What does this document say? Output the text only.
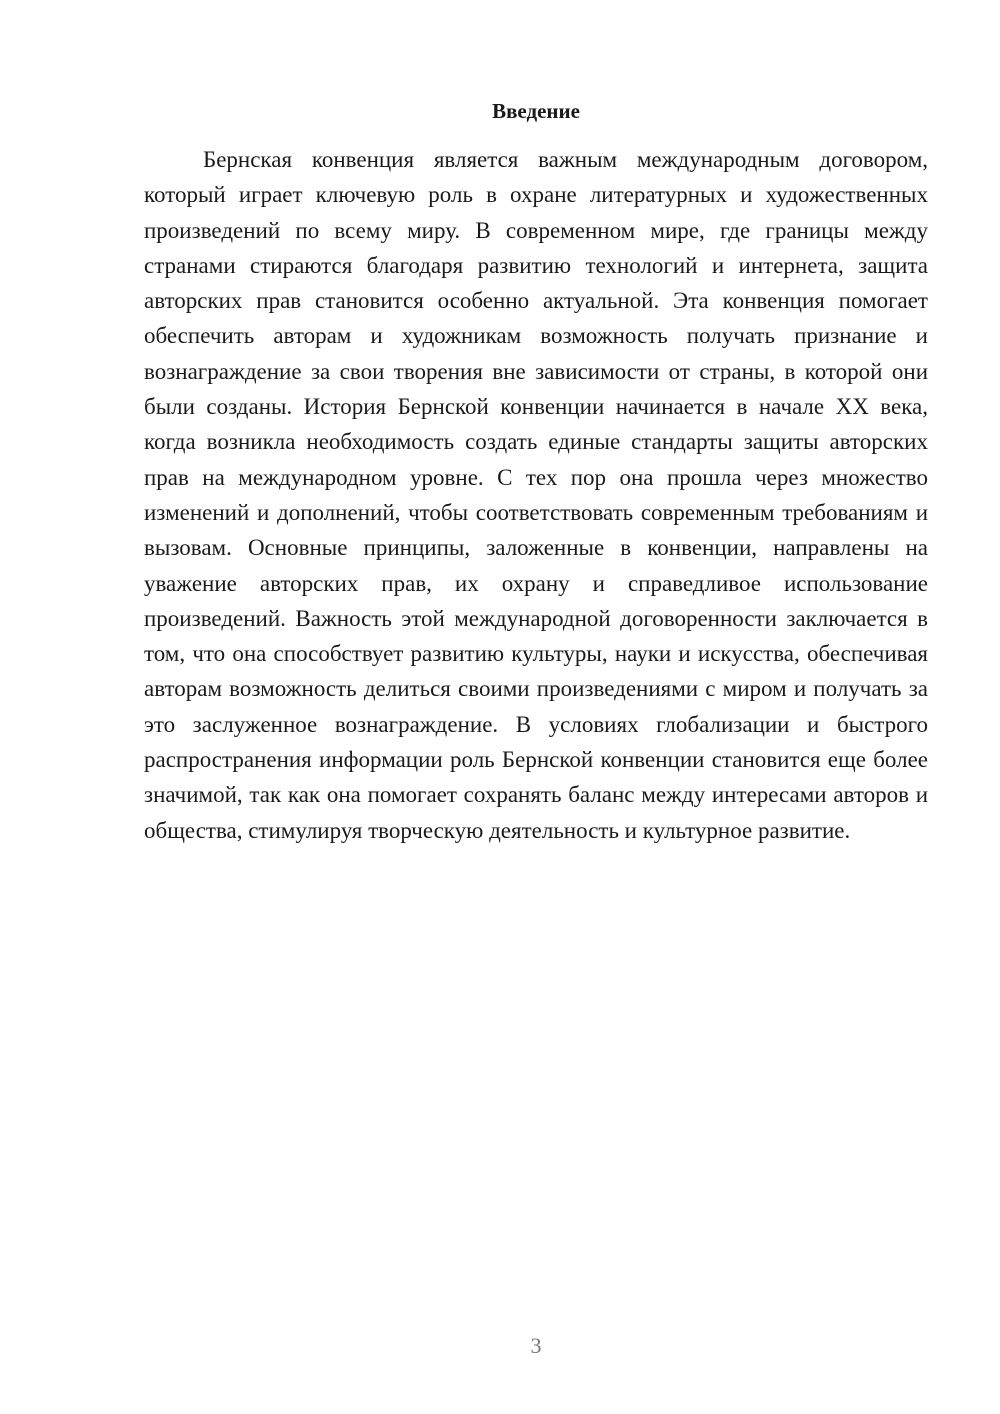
Введение

Бернская конвенция является важным международным договором, который играет ключевую роль в охране литературных и художественных произведений по всему миру. В современном мире, где границы между странами стираются благодаря развитию технологий и интернета, защита авторских прав становится особенно актуальной. Эта конвенция помогает обеспечить авторам и художникам возможность получать признание и вознаграждение за свои творения вне зависимости от страны, в которой они были созданы. История Бернской конвенции начинается в начале XX века, когда возникла необходимость создать единые стандарты защиты авторских прав на международном уровне. С тех пор она прошла через множество изменений и дополнений, чтобы соответствовать современным требованиям и вызовам. Основные принципы, заложенные в конвенции, направлены на уважение авторских прав, их охрану и справедливое использование произведений. Важность этой международной договоренности заключается в том, что она способствует развитию культуры, науки и искусства, обеспечивая авторам возможность делиться своими произведениями с миром и получать за это заслуженное вознаграждение. В условиях глобализации и быстрого распространения информации роль Бернской конвенции становится еще более значимой, так как она помогает сохранять баланс между интересами авторов и общества, стимулируя творческую деятельность и культурное развитие.

3
